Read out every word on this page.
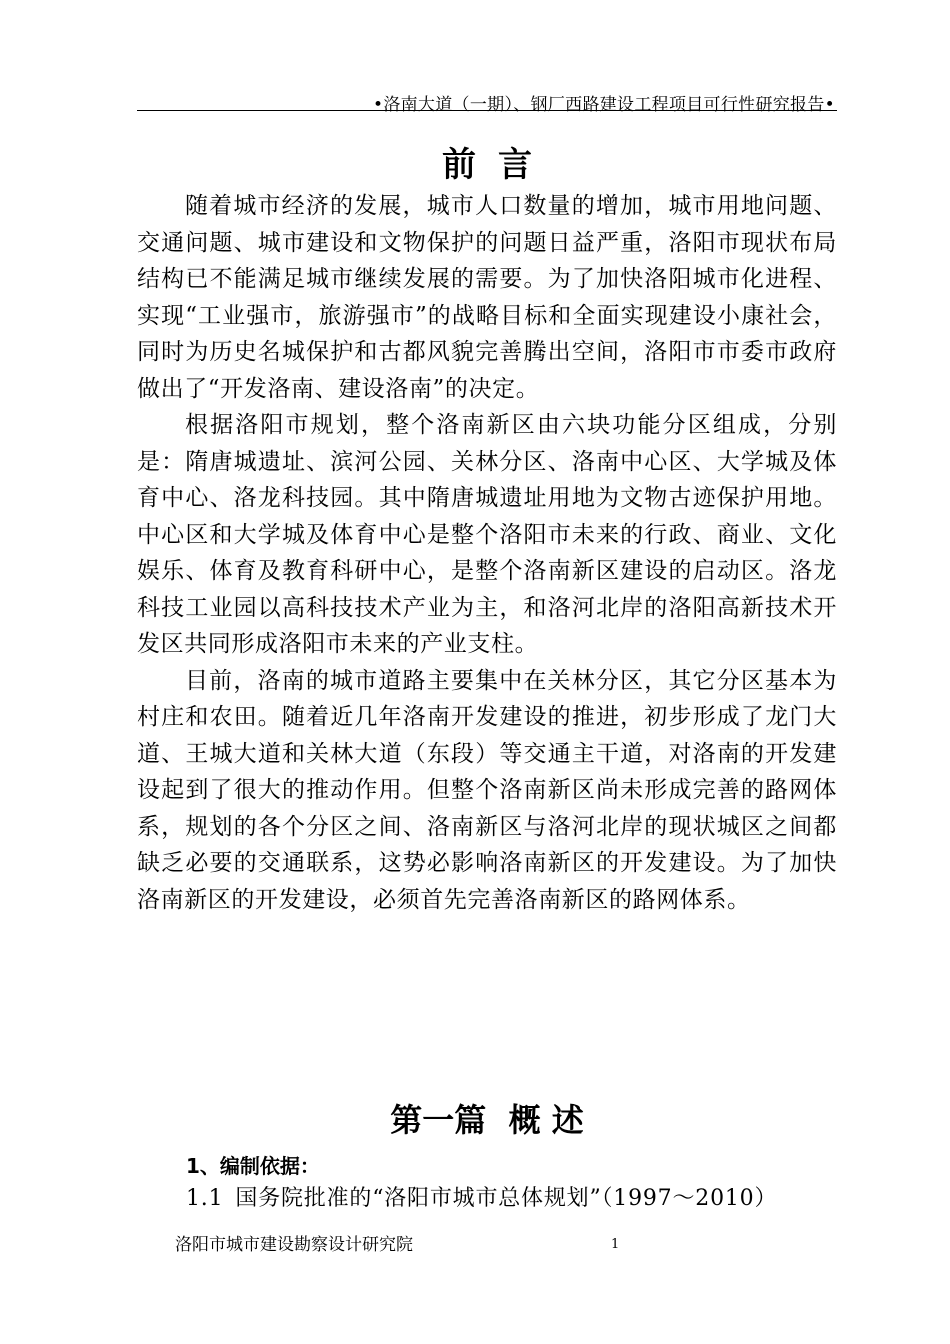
•洛南大道（一期）、钢厂西路建设工程项目可行性研究报告•
前言

随着城市经济的发展，城市人口数量的增加，城市用地问题、交通问题、城市建设和文物保护的问题日益严重，洛阳市现状布局结构已不能满足城市继续发展的需要。为了加快洛阳城市化进程、实现“工业强市，旅游强市”的战略目标和全面实现建设小康社会，同时为历史名城保护和古都风貌完善腾出空间，洛阳市市委市政府做出了“开发洛南、建设洛南”的决定。

根据洛阳市规划，整个洛南新区由六块功能分区组成，分别是：隋唐城遗址、滨河公园、关林分区、洛南中心区、大学城及体育中心、洛龙科技园。其中隋唐城遗址用地为文物古迹保护用地。中心区和大学城及体育中心是整个洛阳市未来的行政、商业、文化娱乐、体育及教育科研中心，是整个洛南新区建设的启动区。洛龙科技工业园以高科技技术产业为主，和洛河北岸的洛阳高新技术开发区共同形成洛阳市未来的产业支柱。

目前，洛南的城市道路主要集中在关林分区，其它分区基本为村庄和农田。随着近几年洛南开发建设的推进，初步形成了龙门大道、王城大道和关林大道（东段）等交通主干道，对洛南的开发建设起到了很大的推动作用。但整个洛南新区尚未形成完善的路网体系，规划的各个分区之间、洛南新区与洛河北岸的现状城区之间都缺乏必要的交通联系，这势必影响洛南新区的开发建设。为了加快洛南新区的开发建设，必须首先完善洛南新区的路网体系。

第一篇  概 述
1、编制依据：
1.1 国务院批准的“洛阳市城市总体规划”（1997～2010）
洛阳市城市建设勘察设计研究院	1
